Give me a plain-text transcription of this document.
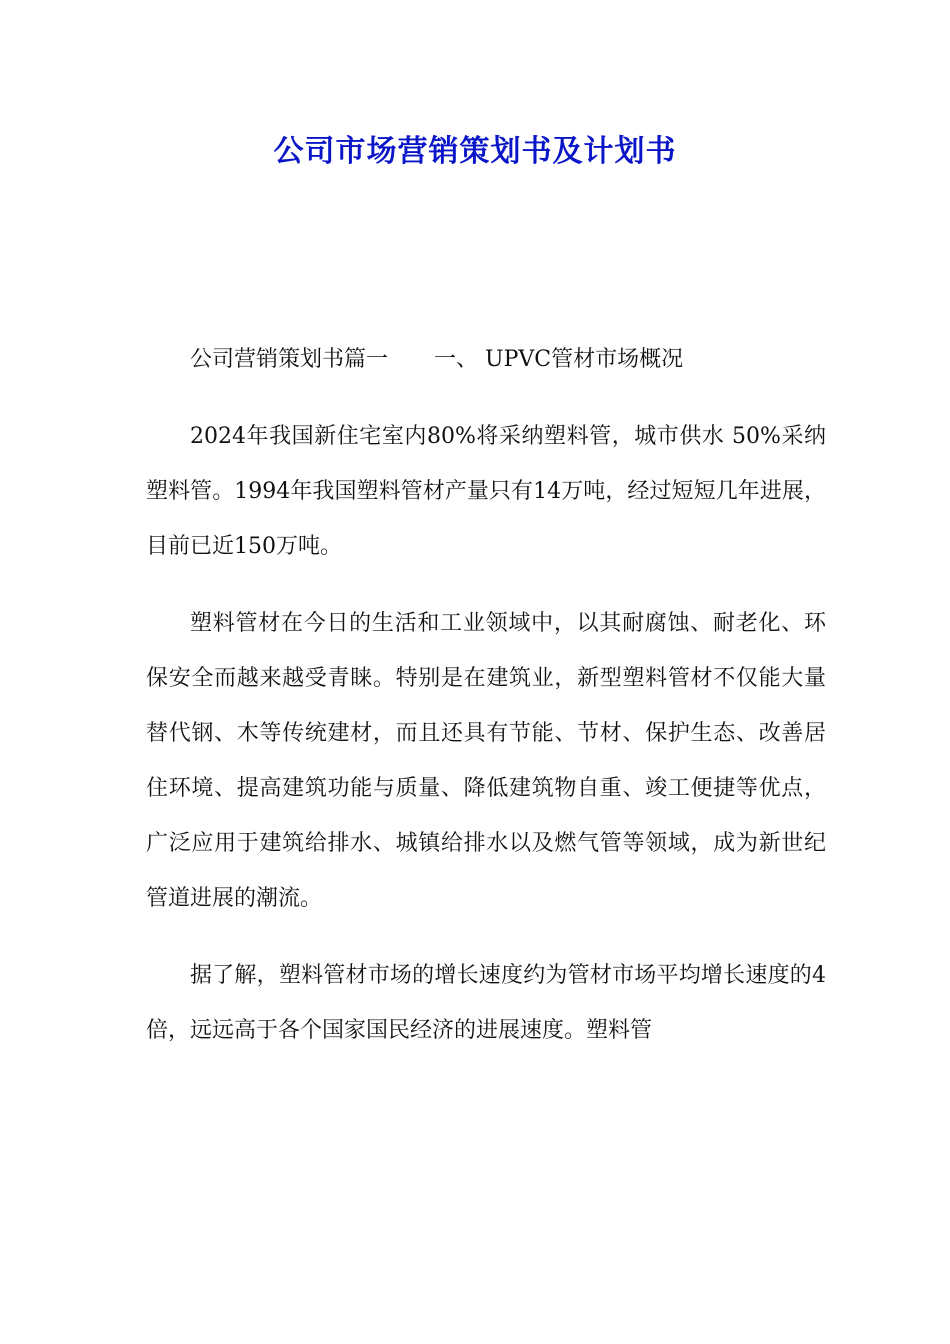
公司市场营销策划书及计划书

公司营销策划书篇一 一、 UPVC管材市场概况

2024年我国新住宅室内80%将采纳塑料管，城市供水 50%采纳塑料管。1994年我国塑料管材产量只有14万吨，经过短短几年进展，目前已近150万吨。

塑料管材在今日的生活和工业领域中，以其耐腐蚀、耐老化、环保安全而越来越受青睐。特别是在建筑业，新型塑料管材不仅能大量替代钢、木等传统建材，而且还具有节能、节材、保护生态、改善居住环境、提高建筑功能与质量、降低建筑物自重、竣工便捷等优点，广泛应用于建筑给排水、城镇给排水以及燃气管等领域，成为新世纪管道进展的潮流。

据了解，塑料管材市场的增长速度约为管材市场平均增长速度的4倍，远远高于各个国家国民经济的进展速度。塑料管
